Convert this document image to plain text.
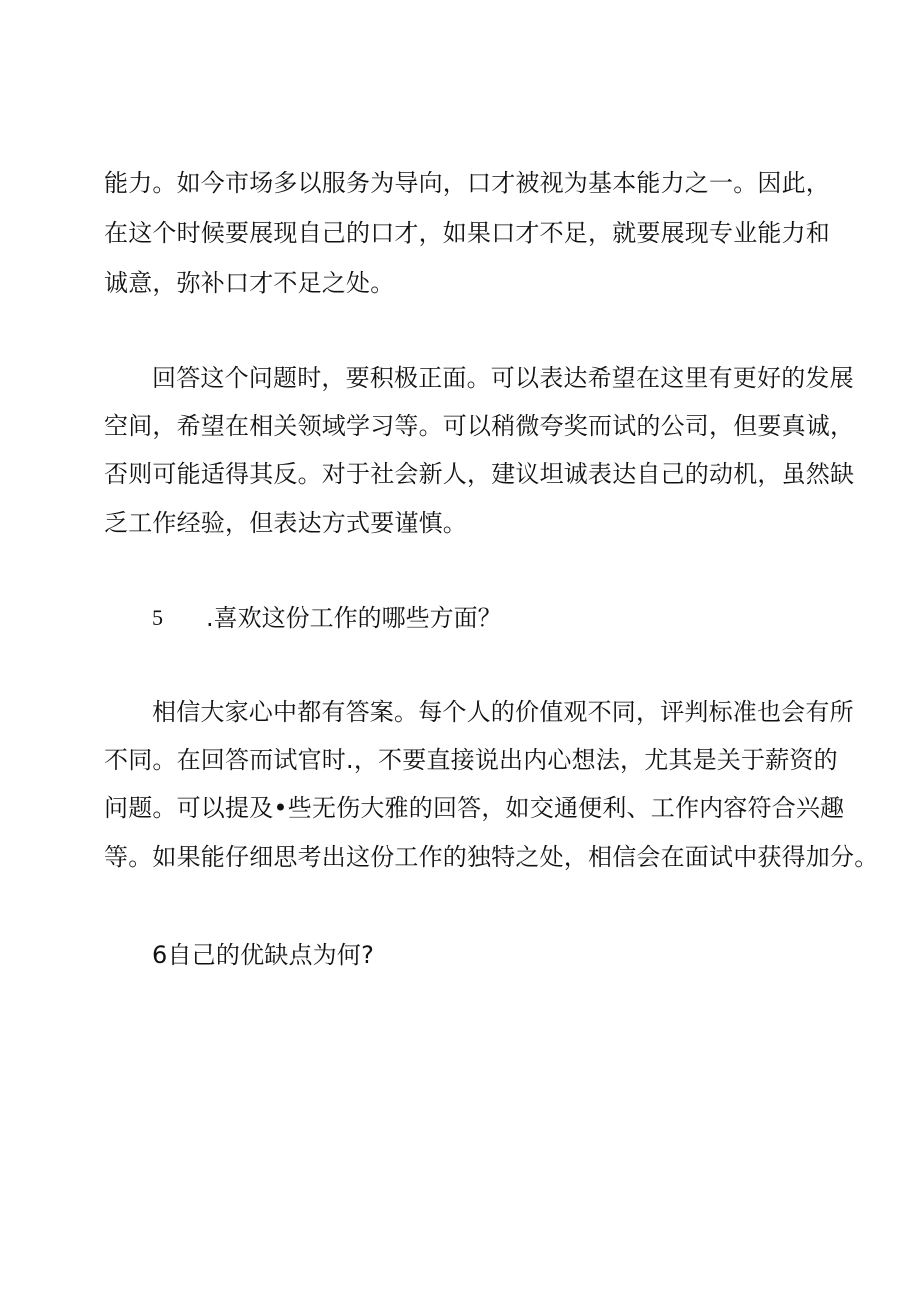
能力。如今市场多以服务为导向，口才被视为基本能力之一。因此，
在这个时候要展现自己的口才，如果口才不足，就要展现专业能力和
诚意，弥补口才不足之处。
回答这个问题时，要积极正面。可以表达希望在这里有更好的发展
空间，希望在相关领域学习等。可以稍微夸奖而试的公司，但要真诚，
否则可能适得其反。对于社会新人，建议坦诚表达自己的动机，虽然缺
乏工作经验，但表达方式要谨慎。
5 .喜欢这份工作的哪些方面？
相信大家心中都有答案。每个人的价值观不同，评判标准也会有所
不同。在回答而试官时.，不要直接说出内心想法，尤其是关于薪资的
问题。可以提及•些无伤大雅的回答，如交通便利、工作内容符合兴趣
等。如果能仔细思考出这份工作的独特之处，相信会在面试中获得加分。
6自己的优缺点为何?
